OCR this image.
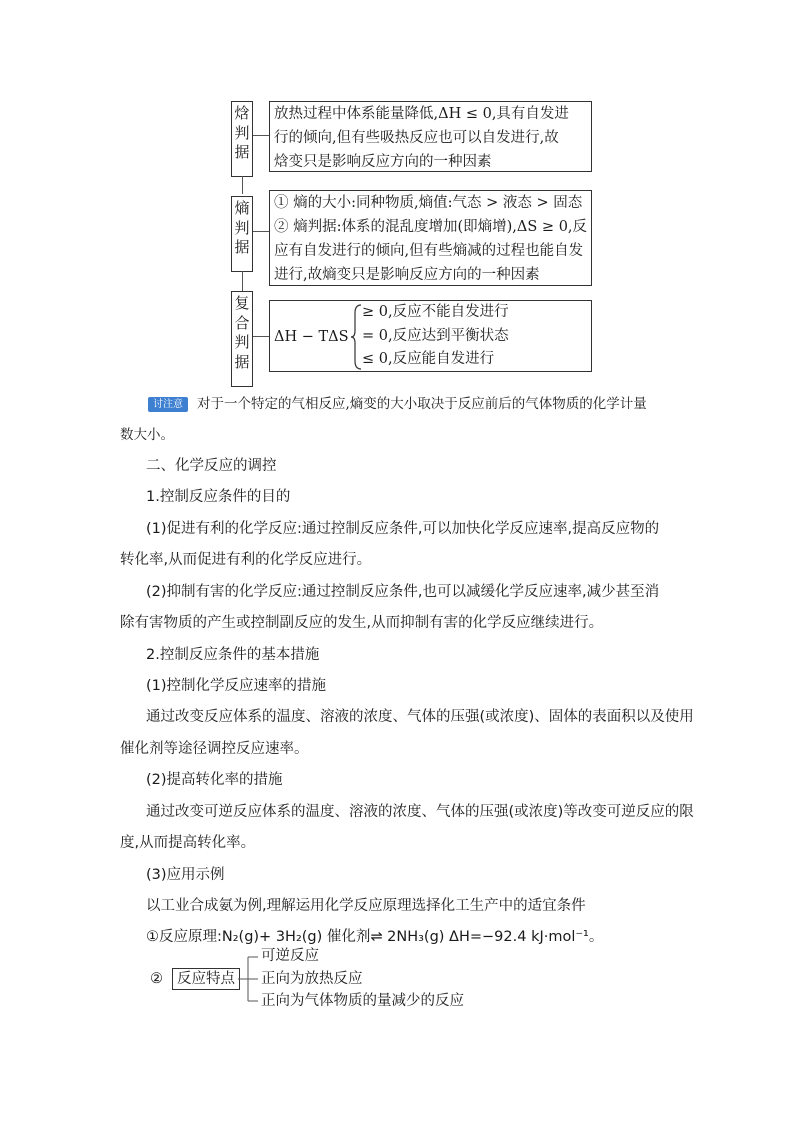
焓判据
放热过程中体系能量降低,ΔH ≤ 0,具有自发进
行的倾向,但有些吸热反应也可以自发进行,故
焓变只是影响反应方向的一种因素
熵判据
① 熵的大小:同种物质,熵值:气态 > 液态 > 固态
② 熵判据:体系的混乱度增加(即熵增),ΔS ≥ 0,反
应有自发进行的倾向,但有些熵减的过程也能自发
进行,故熵变只是影响反应方向的一种因素
复合判据
ΔH − TΔS
≥ 0,反应不能自发进行
= 0,反应达到平衡状态
≤ 0,反应能自发进行
讨注意	对于一个特定的气相反应,熵变的大小取决于反应前后的气体物质的化学计量
数大小。
二、化学反应的调控
1.控制反应条件的目的
(1)促进有利的化学反应:通过控制反应条件,可以加快化学反应速率,提高反应物的
转化率,从而促进有利的化学反应进行。
(2)抑制有害的化学反应:通过控制反应条件,也可以减缓化学反应速率,减少甚至消
除有害物质的产生或控制副反应的发生,从而抑制有害的化学反应继续进行。
2.控制反应条件的基本措施
(1)控制化学反应速率的措施
通过改变反应体系的温度、溶液的浓度、气体的压强(或浓度)、固体的表面积以及使用
催化剂等途径调控反应速率。
(2)提高转化率的措施
通过改变可逆反应体系的温度、溶液的浓度、气体的压强(或浓度)等改变可逆反应的限
度,从而提高转化率。
(3)应用示例
以工业合成氨为例,理解运用化学反应原理选择化工生产中的适宜条件
①反应原理:N₂(g)+ 3H₂(g) 催化剂⇌ 2NH₃(g) ΔH=−92.4 kJ·mol⁻¹。
② 反应特点
可逆反应
正向为放热反应
正向为气体物质的量减少的反应
